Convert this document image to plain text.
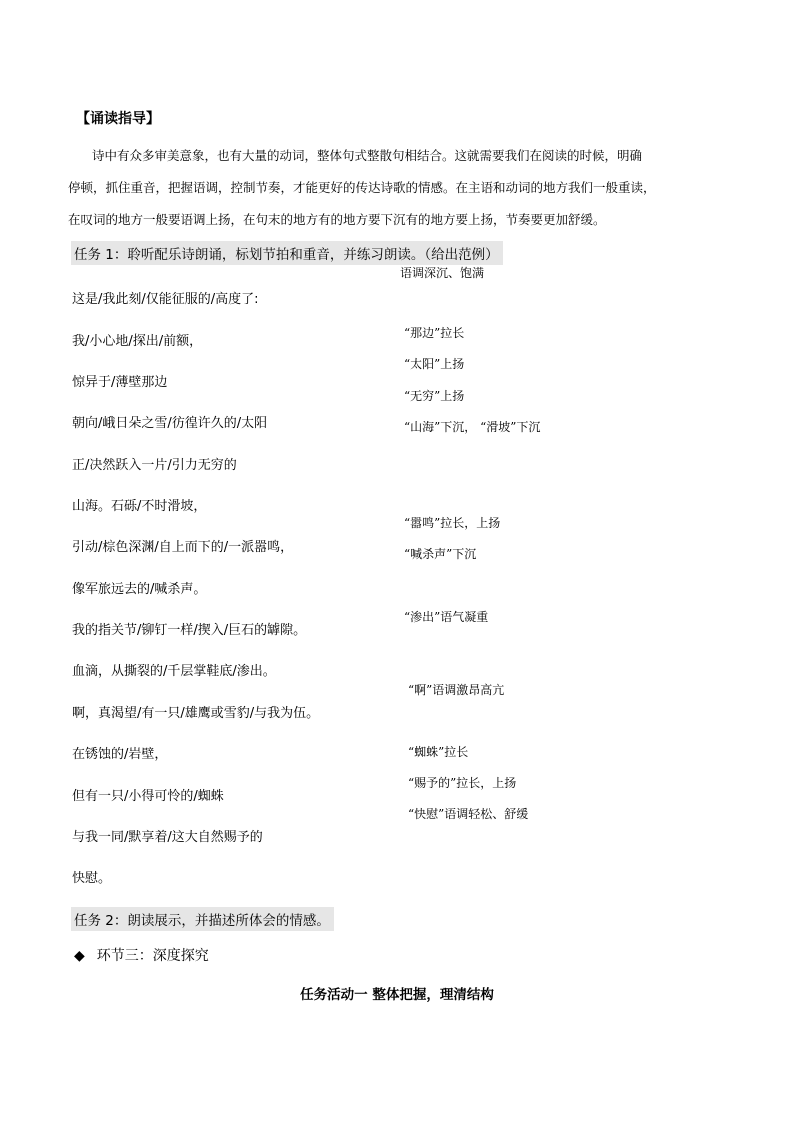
【诵读指导】
诗中有众多审美意象，也有大量的动词，整体句式整散句相结合。这就需要我们在阅读的时候，明确
停顿，抓住重音，把握语调，控制节奏，才能更好的传达诗歌的情感。在主语和动词的地方我们一般重读，
在叹词的地方一般要语调上扬，在句末的地方有的地方要下沉有的地方要上扬，节奏要更加舒缓。
任务 1：聆听配乐诗朗诵，标划节拍和重音，并练习朗读。（给出范例）
这是/我此刻/仅能征服的/高度了:
我/小心地/探出/前额，
惊异于/薄壁那边
朝向/峨日朵之雪/彷徨许久的/太阳
正/决然跃入一片/引力无穷的
山海。石砾/不时滑坡，
引动/棕色深渊/自上而下的/一派嚣鸣，
像军旅远去的/喊杀声。
我的指关节/铆钉一样/揳入/巨石的罅隙。
血滴，从撕裂的/千层掌鞋底/渗出。
啊，真渴望/有一只/雄鹰或雪豹/与我为伍。
在锈蚀的/岩壁，
但有一只/小得可怜的/蜘蛛
与我一同/默享着/这大自然赐予的
快慰。
语调深沉、饱满
“那边”拉长
“太阳”上扬
“无穷”上扬
“山海”下沉， “滑坡”下沉
“嚣鸣”拉长，上扬
“喊杀声”下沉
“渗出”语气凝重
“啊”语调激昂高亢
“蜘蛛”拉长
“赐予的”拉长，上扬
“快慰”语调轻松、舒缓
任务 2：朗读展示，并描述所体会的情感。
◆ 环节三：深度探究
任务活动一 整体把握，理清结构
